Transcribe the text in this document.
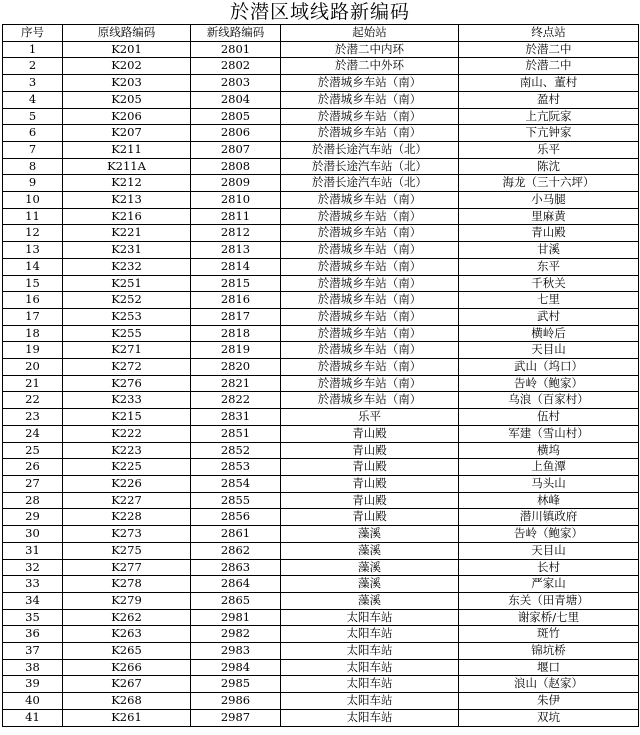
於潜区域线路新编码
序号	原线路编码	新线路编码	起始站	终点站
1	K201	2801	於潜二中内环	於潜二中
2	K202	2802	於潜二中外环	於潜二中
3	K203	2803	於潜城乡车站（南）	南山、董村
4	K205	2804	於潜城乡车站（南）	盈村
5	K206	2805	於潜城乡车站（南）	上亢阮家
6	K207	2806	於潜城乡车站（南）	下亢钟家
7	K211	2807	於潜长途汽车站（北）	乐平
8	K211A	2808	於潜长途汽车站（北）	陈沈
9	K212	2809	於潜长途汽车站（北）	海龙（三十六坪）
10	K213	2810	於潜城乡车站（南）	小马腿
11	K216	2811	於潜城乡车站（南）	里麻黄
12	K221	2812	於潜城乡车站（南）	青山殿
13	K231	2813	於潜城乡车站（南）	甘溪
14	K232	2814	於潜城乡车站（南）	东平
15	K251	2815	於潜城乡车站（南）	千秋关
16	K252	2816	於潜城乡车站（南）	七里
17	K253	2817	於潜城乡车站（南）	武村
18	K255	2818	於潜城乡车站（南）	横岭后
19	K271	2819	於潜城乡车站（南）	天目山
20	K272	2820	於潜城乡车站（南）	武山（坞口）
21	K276	2821	於潜城乡车站（南）	告岭（鲍家）
22	K233	2822	於潜城乡车站（南）	乌浪（百家村）
23	K215	2831	乐平	伍村
24	K222	2851	青山殿	军建（雪山村）
25	K223	2852	青山殿	横坞
26	K225	2853	青山殿	上鱼潭
27	K226	2854	青山殿	马头山
28	K227	2855	青山殿	林峰
29	K228	2856	青山殿	潜川镇政府
30	K273	2861	藻溪	告岭（鲍家）
31	K275	2862	藻溪	天目山
32	K277	2863	藻溪	长村
33	K278	2864	藻溪	严家山
34	K279	2865	藻溪	东关（田青塘）
35	K262	2981	太阳车站	谢家桥/七里
36	K263	2982	太阳车站	斑竹
37	K265	2983	太阳车站	锦坑桥
38	K266	2984	太阳车站	堰口
39	K267	2985	太阳车站	浪山（赵家）
40	K268	2986	太阳车站	朱伊
41	K261	2987	太阳车站	双坑
